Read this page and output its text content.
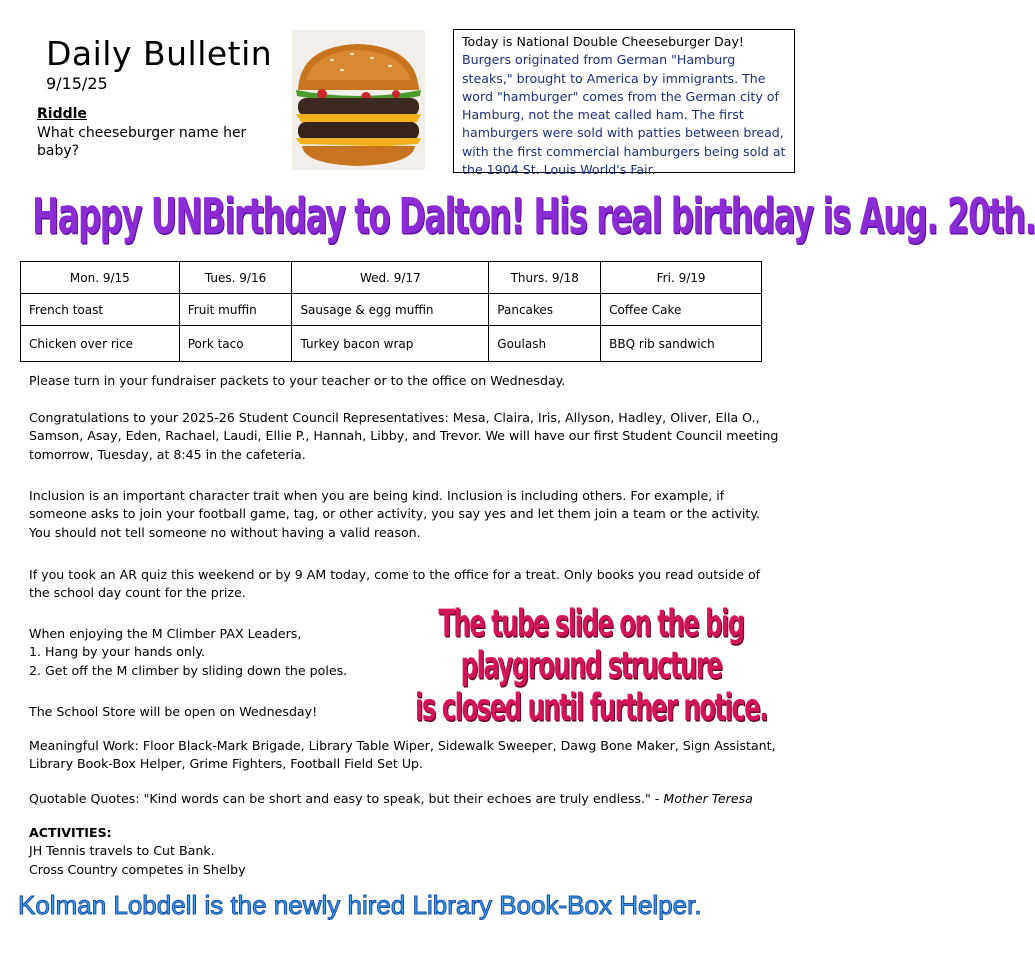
Daily Bulletin
9/15/25
Riddle
What cheeseburger name her baby?
Today is National Double Cheeseburger Day!
Burgers originated from German "Hamburg steaks," brought to America by immigrants. The word "hamburger" comes from the German city of Hamburg, not the meat called ham. The first hamburgers were sold with patties between bread, with the first commercial hamburgers being sold at the 1904 St. Louis World's Fair.
Happy UNBirthday to Dalton! His real birthday is Aug. 20th.
Mon. 9/15	Tues. 9/16	Wed. 9/17	Thurs. 9/18	Fri. 9/19
French toast	Fruit muffin	Sausage & egg muffin	Pancakes	Coffee Cake
Chicken over rice	Pork taco	Turkey bacon wrap	Goulash	BBQ rib sandwich
Please turn in your fundraiser packets to your teacher or to the office on Wednesday.
Congratulations to your 2025-26 Student Council Representatives: Mesa, Claira, Iris, Allyson, Hadley, Oliver, Ella O., Samson, Asay, Eden, Rachael, Laudi, Ellie P., Hannah, Libby, and Trevor. We will have our first Student Council meeting tomorrow, Tuesday, at 8:45 in the cafeteria.
Inclusion is an important character trait when you are being kind. Inclusion is including others. For example, if someone asks to join your football game, tag, or other activity, you say yes and let them join a team or the activity. You should not tell someone no without having a valid reason.
If you took an AR quiz this weekend or by 9 AM today, come to the office for a treat. Only books you read outside of the school day count for the prize.
When enjoying the M Climber PAX Leaders,
1. Hang by your hands only.
2. Get off the M climber by sliding down the poles.
The School Store will be open on Wednesday!
The tube slide on the big playground structure
is closed until further notice.
Meaningful Work: Floor Black-Mark Brigade, Library Table Wiper, Sidewalk Sweeper, Dawg Bone Maker, Sign Assistant, Library Book-Box Helper, Grime Fighters, Football Field Set Up.
Quotable Quotes: "Kind words can be short and easy to speak, but their echoes are truly endless." - Mother Teresa
ACTIVITIES:
JH Tennis travels to Cut Bank.
Cross Country competes in Shelby
Kolman Lobdell is the newly hired Library Book-Box Helper.
